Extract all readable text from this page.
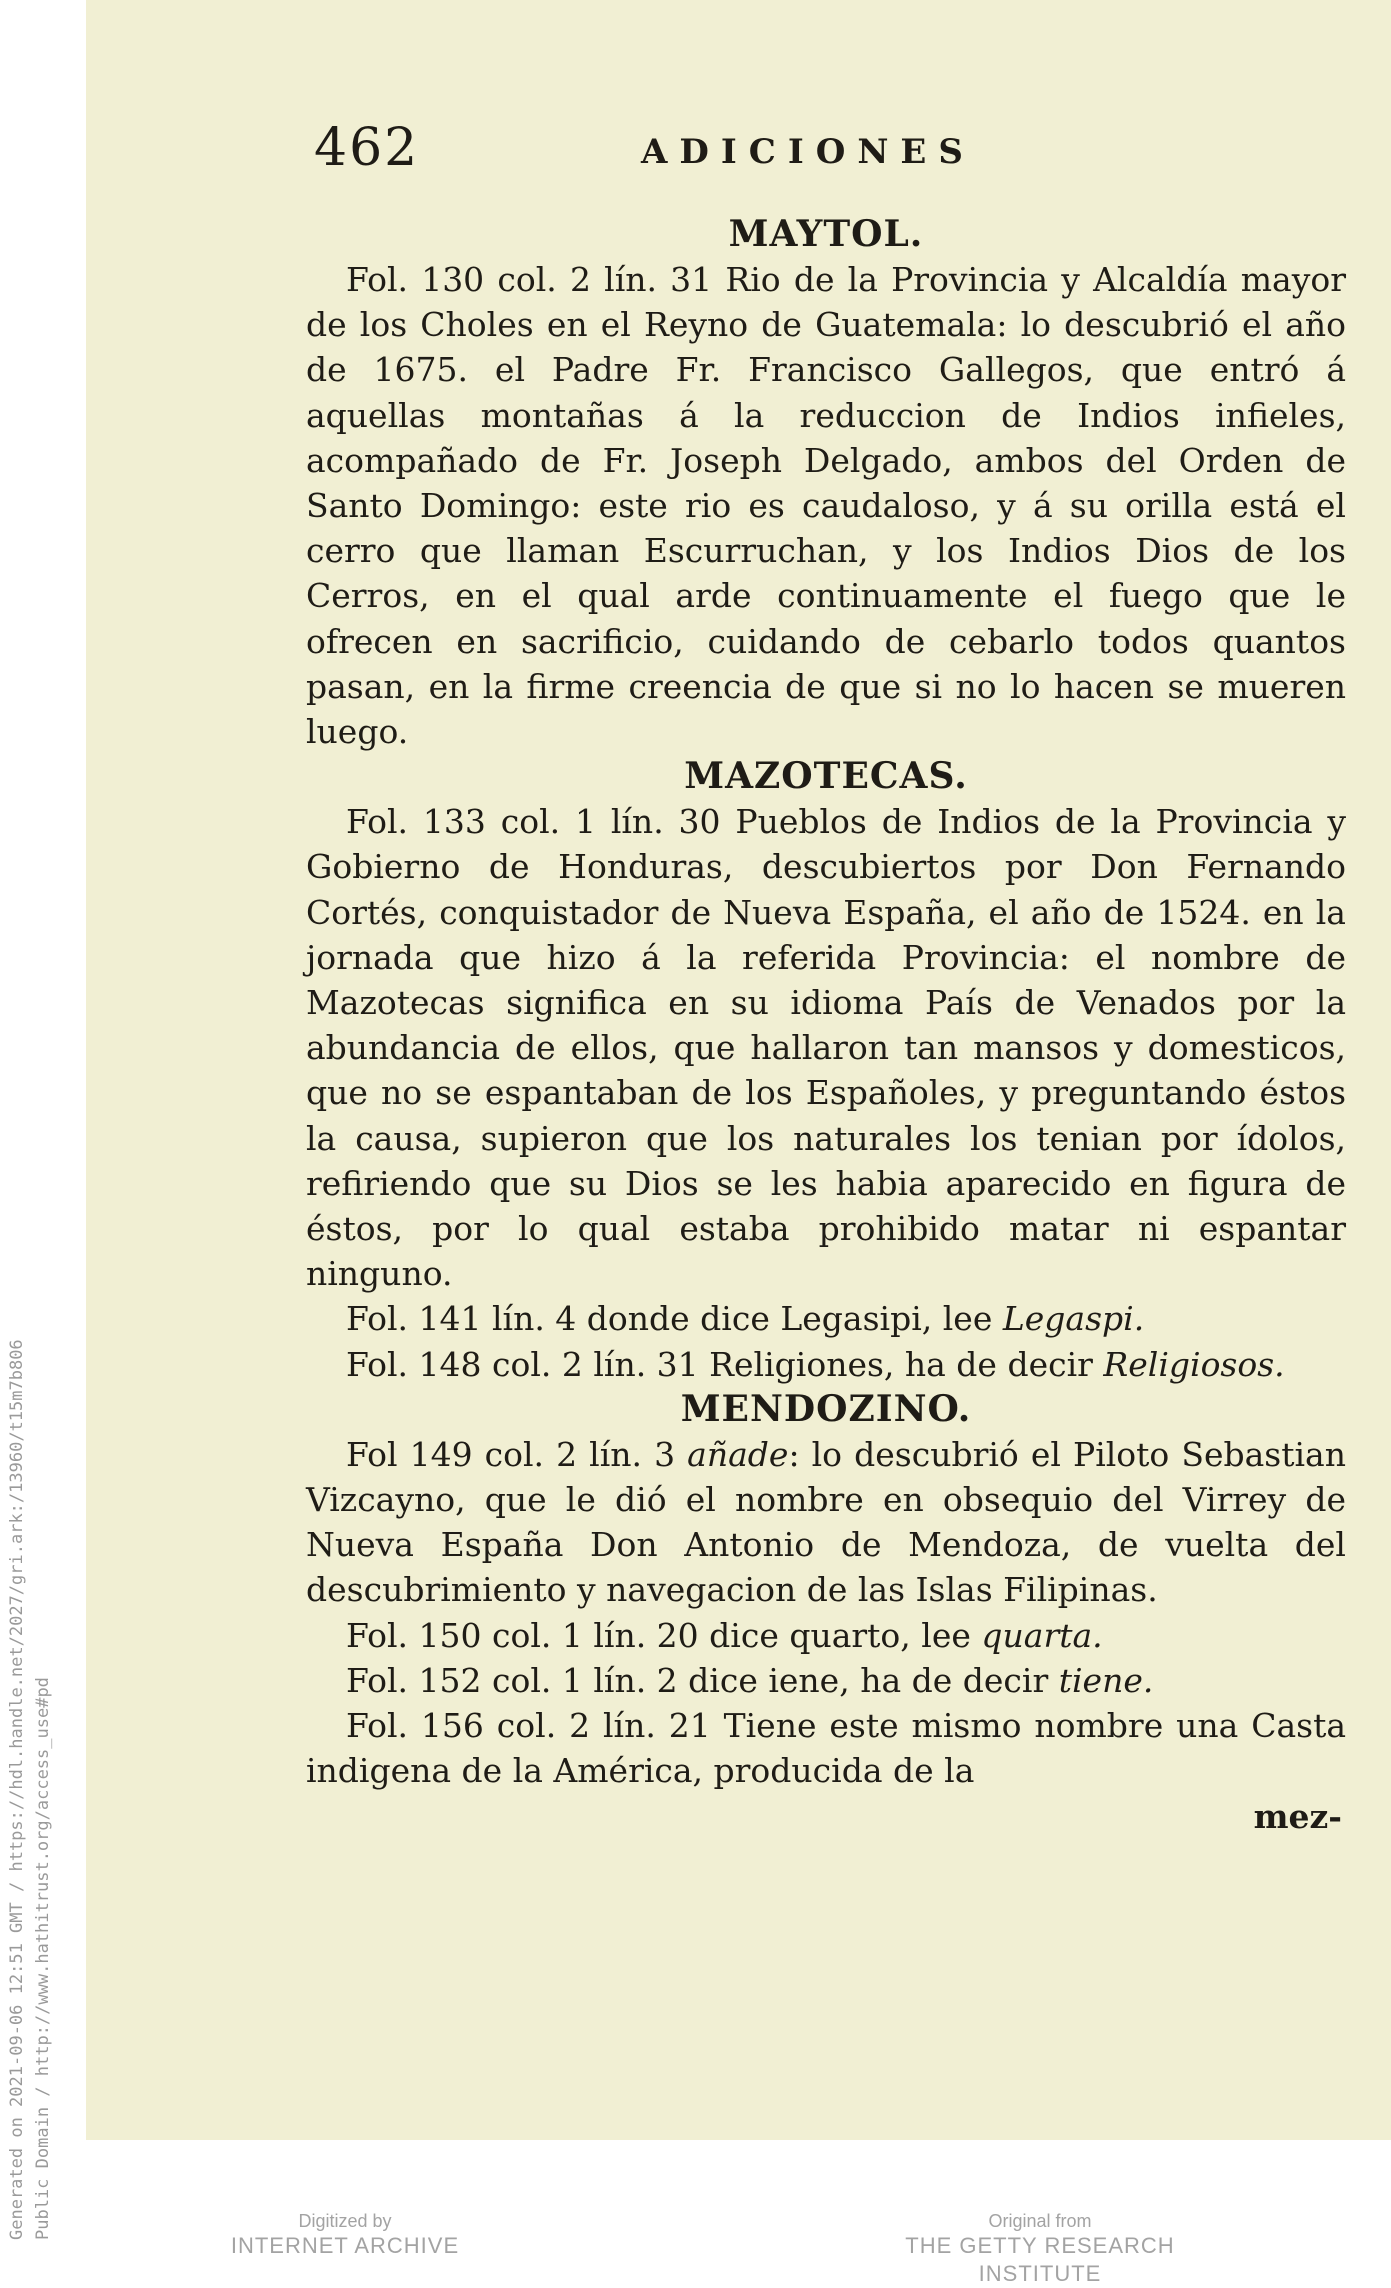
462	ADICIONES
MAYTOL.

Fol. 130 col. 2 lín. 31 Rio de la Provincia y Alcaldía mayor de los Choles en el Reyno de Guatemala: lo descubrió el año de 1675. el Padre Fr. Francisco Gallegos, que entró á aquellas montañas á la reduccion de Indios infieles, acompañado de Fr. Joseph Delgado, ambos del Orden de Santo Domingo: este rio es caudaloso, y á su orilla está el cerro que llaman Escurruchan, y los Indios Dios de los Cerros, en el qual arde continuamente el fuego que le ofrecen en sacrificio, cuidando de cebarlo todos quantos pasan, en la firme creencia de que si no lo hacen se mueren luego.

MAZOTECAS.

Fol. 133 col. 1 lín. 30 Pueblos de Indios de la Provincia y Gobierno de Honduras, descubiertos por Don Fernando Cortés, conquistador de Nueva España, el año de 1524. en la jornada que hizo á la referida Provincia: el nombre de Mazotecas significa en su idioma País de Venados por la abundancia de ellos, que hallaron tan mansos y domesticos, que no se espantaban de los Españoles, y preguntando éstos la causa, supieron que los naturales los tenian por ídolos, refiriendo que su Dios se les habia aparecido en figura de éstos, por lo qual estaba prohibido matar ni espantar ninguno.

Fol. 141 lín. 4 donde dice Legasipi, lee Legaspi.

Fol. 148 col. 2 lín. 31 Religiones, ha de decir Religiosos.

MENDOZINO.

Fol 149 col. 2 lín. 3 añade: lo descubrió el Piloto Sebastian Vizcayno, que le dió el nombre en obsequio del Virrey de Nueva España Don Antonio de Mendoza, de vuelta del descubrimiento y navegacion de las Islas Filipinas.

Fol. 150 col. 1 lín. 20 dice quarto, lee quarta.

Fol. 152 col. 1 lín. 2 dice iene, ha de decir tiene.

Fol. 156 col. 2 lín. 21 Tiene este mismo nombre una Casta indigena de la América, producida de la

mez-
Generated on 2021-09-06 12:51 GMT / https://hdl.handle.net/2027/gri.ark:/13960/t15m7b806 Public Domain / http://www.hathitrust.org/access_use#pd	Digitized by
INTERNET ARCHIVE
Original from
THE GETTY RESEARCH INSTITUTE
